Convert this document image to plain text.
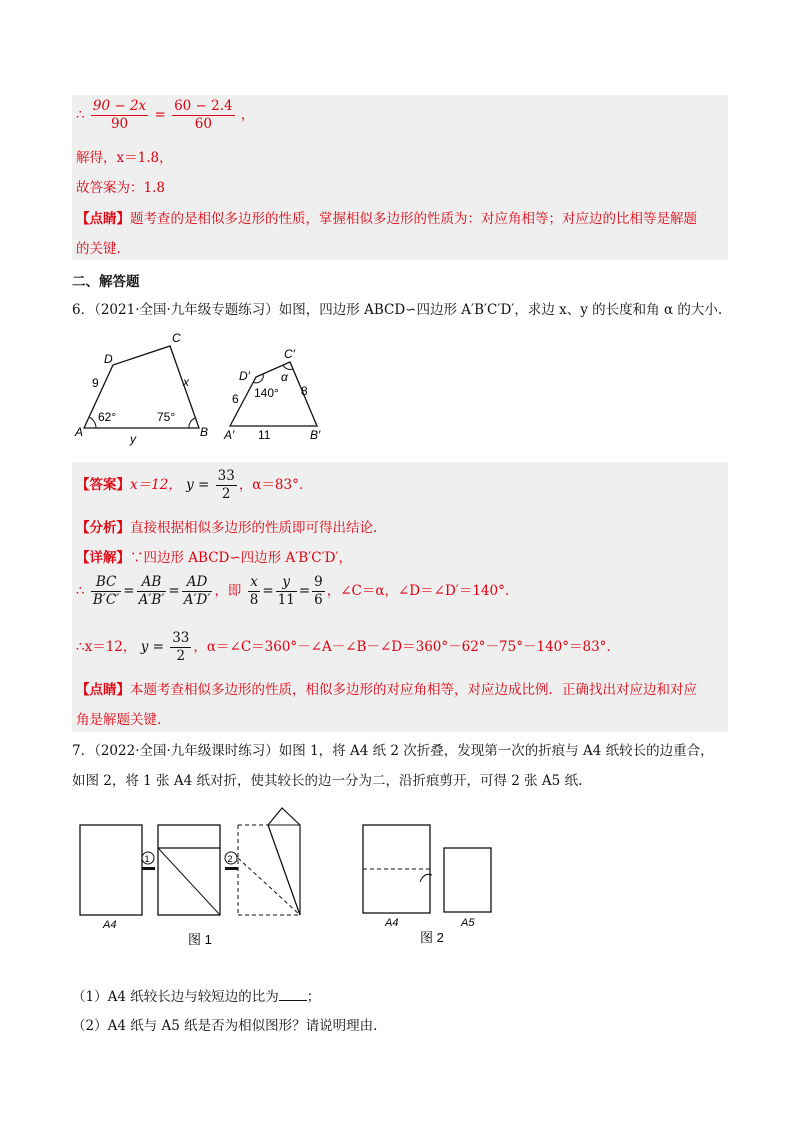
∴ $\frac{90 - 2x}{90} = \frac{60 - 2.4}{60}$ ，
解得，x＝1.8，
故答案为：1.8
【点睛】题考查的是相似多边形的性质，掌握相似多边形的性质为：对应角相等；对应边的比相等是解题
的关键.
二、解答题
6．（2021·全国·九年级专题练习）如图，四边形 ABCD∽四边形 A′B′C′D′，求边 x、y 的长度和角 α 的大小.
A	B
C
D
9	x
y
62°	75°
A′	B′
C′
D′
6
8
11
140°
α
【答案】x＝12， $y = \frac{33}{2}$ ，α＝83°.
【分析】直接根据相似多边形的性质即可得出结论.
【详解】∵四边形 ABCD∽四边形 A′B′C′D′，
∴ $\frac{BC}{B'C'} = \frac{AB}{A'B'} = \frac{AD}{A'D'}$ ，即 $\frac{x}{8} = \frac{y}{11} = \frac{9}{6}$ ，∠C＝α，∠D＝∠D′＝140°.
∴x＝12， $y = \frac{33}{2}$ ，α＝∠C＝360°－∠A－∠B－∠D＝360°－62°－75°－140°＝83°.
【点睛】本题考查相似多边形的性质，相似多边形的对应角相等，对应边成比例．正确找出对应边和对应
角是解题关键.
7．（2022·全国·九年级课时练习）如图 1，将 A4 纸 2 次折叠，发现第一次的折痕与 A4 纸较长的边重合，
如图 2，将 1 张 A4 纸对折，使其较长的边一分为二，沿折痕剪开，可得 2 张 A5 纸.
A4
1	2
图 1
A4	A5
图 2
（1）A4 纸较长边与较短边的比为 ；
（2）A4 纸与 A5 纸是否为相似图形？请说明理由.
